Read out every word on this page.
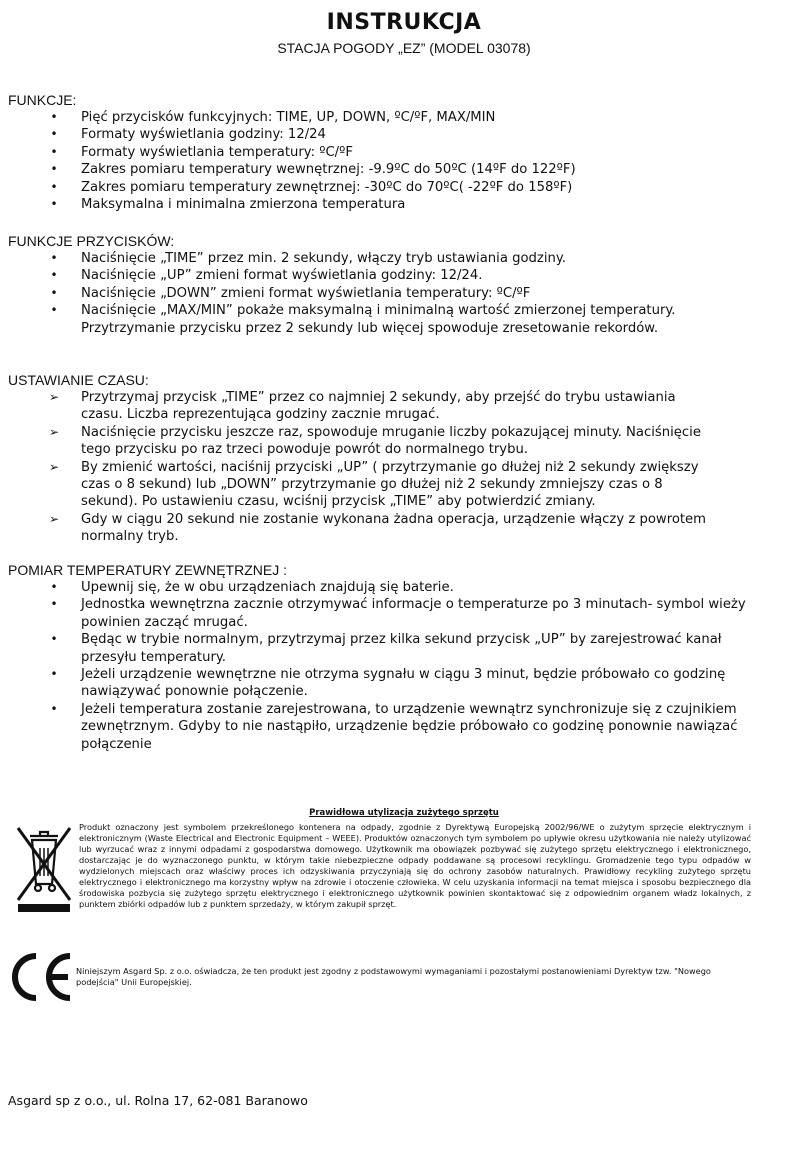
INSTRUKCJA
STACJA POGODY „EZ” (MODEL 03078)
FUNKCJE:
•
Pięć przycisków funkcyjnych: TIME, UP, DOWN, ºC/ºF, MAX/MIN
•
Formaty wyświetlania godziny: 12/24
•
Formaty wyświetlania temperatury: ºC/ºF
•
Zakres pomiaru temperatury wewnętrznej: -9.9ºC do 50ºC (14ºF do 122ºF)
•
Zakres pomiaru temperatury zewnętrznej: -30ºC do 70ºC( -22ºF do 158ºF)
•
Maksymalna i minimalna zmierzona temperatura
FUNKCJE PRZYCISKÓW:
•
Naciśnięcie „TIME” przez min. 2 sekundy, włączy tryb ustawiania godziny.
•
Naciśnięcie „UP” zmieni format wyświetlania godziny: 12/24.
•
Naciśnięcie „DOWN” zmieni format wyświetlania temperatury: ºC/ºF
•
Naciśnięcie „MAX/MIN” pokaże maksymalną i minimalną wartość zmierzonej temperatury. Przytrzymanie przycisku przez 2 sekundy lub więcej spowoduje zresetowanie rekordów.
USTAWIANIE CZASU:
➢
Przytrzymaj przycisk „TIME” przez co najmniej 2 sekundy, aby przejść do trybu ustawiania czasu. Liczba reprezentująca godziny zacznie mrugać.
➢
Naciśnięcie przycisku jeszcze raz, spowoduje mruganie liczby pokazującej minuty. Naciśnięcie tego przycisku po raz trzeci powoduje powrót do normalnego trybu.
➢
By zmienić wartości, naciśnij przyciski „UP” ( przytrzymanie go dłużej niż 2 sekundy zwiększy czas o 8 sekund) lub „DOWN” przytrzymanie go dłużej niż 2 sekundy zmniejszy czas o 8 sekund). Po ustawieniu czasu, wciśnij przycisk „TIME” aby potwierdzić zmiany.
➢
Gdy w ciągu 20 sekund nie zostanie wykonana żadna operacja, urządzenie włączy z powrotem normalny tryb.
POMIAR TEMPERATURY ZEWNĘTRZNEJ :
•
Upewnij się, że w obu urządzeniach znajdują się baterie.
•
Jednostka wewnętrzna zacznie otrzymywać informacje o temperaturze po 3 minutach- symbol wieży powinien zacząć mrugać.
•
Będąc w trybie normalnym, przytrzymaj przez kilka sekund przycisk „UP” by zarejestrować kanał przesyłu temperatury.
•
Jeżeli urządzenie wewnętrzne nie otrzyma sygnału w ciągu 3 minut, będzie próbowało co godzinę nawiązywać ponownie połączenie.
•
Jeżeli temperatura zostanie zarejestrowana, to urządzenie wewnątrz synchronizuje się z czujnikiem zewnętrznym. Gdyby to nie nastąpiło, urządzenie będzie próbowało co godzinę ponownie nawiązać połączenie
Prawidłowa utylizacja zużytego sprzętu
Produkt oznaczony jest symbolem przekreślonego kontenera na odpady, zgodnie z Dyrektywą Europejską 2002/96/WE o zużytym sprzęcie elektrycznym i elektronicznym (Waste Electrical and Electronic Equipment – WEEE). Produktów oznaczonych tym symbolem po upływie okresu użytkowania nie należy utylizować lub wyrzucać wraz z innymi odpadami z gospodarstwa domowego. Użytkownik ma obowiązek pozbywać się zużytego sprzętu elektrycznego i elektronicznego, dostarczając je do wyznaczonego punktu, w którym takie niebezpieczne odpady poddawane są procesowi recyklingu. Gromadzenie tego typu odpadów w wydzielonych miejscach oraz właściwy proces ich odzyskiwania przyczyniają się do ochrony zasobów naturalnych. Prawidłowy recykling zużytego sprzętu elektrycznego i elektronicznego ma korzystny wpływ na zdrowie i otoczenie człowieka. W celu uzyskania informacji na temat miejsca i sposobu bezpiecznego dla środowiska pozbycia się zużytego sprzętu elektrycznego i elektronicznego użytkownik powinien skontaktować się z odpowiednim organem władz lokalnych, z punktem zbiórki odpadów lub z punktem sprzedaży, w którym zakupił sprzęt.
Niniejszym Asgard Sp. z o.o. oświadcza, że ten produkt jest zgodny z podstawowymi wymaganiami i pozostałymi postanowieniami Dyrektyw tzw. "Nowego podejścia" Unii Europejskiej.
Asgard sp z o.o., ul. Rolna 17, 62-081 Baranowo
